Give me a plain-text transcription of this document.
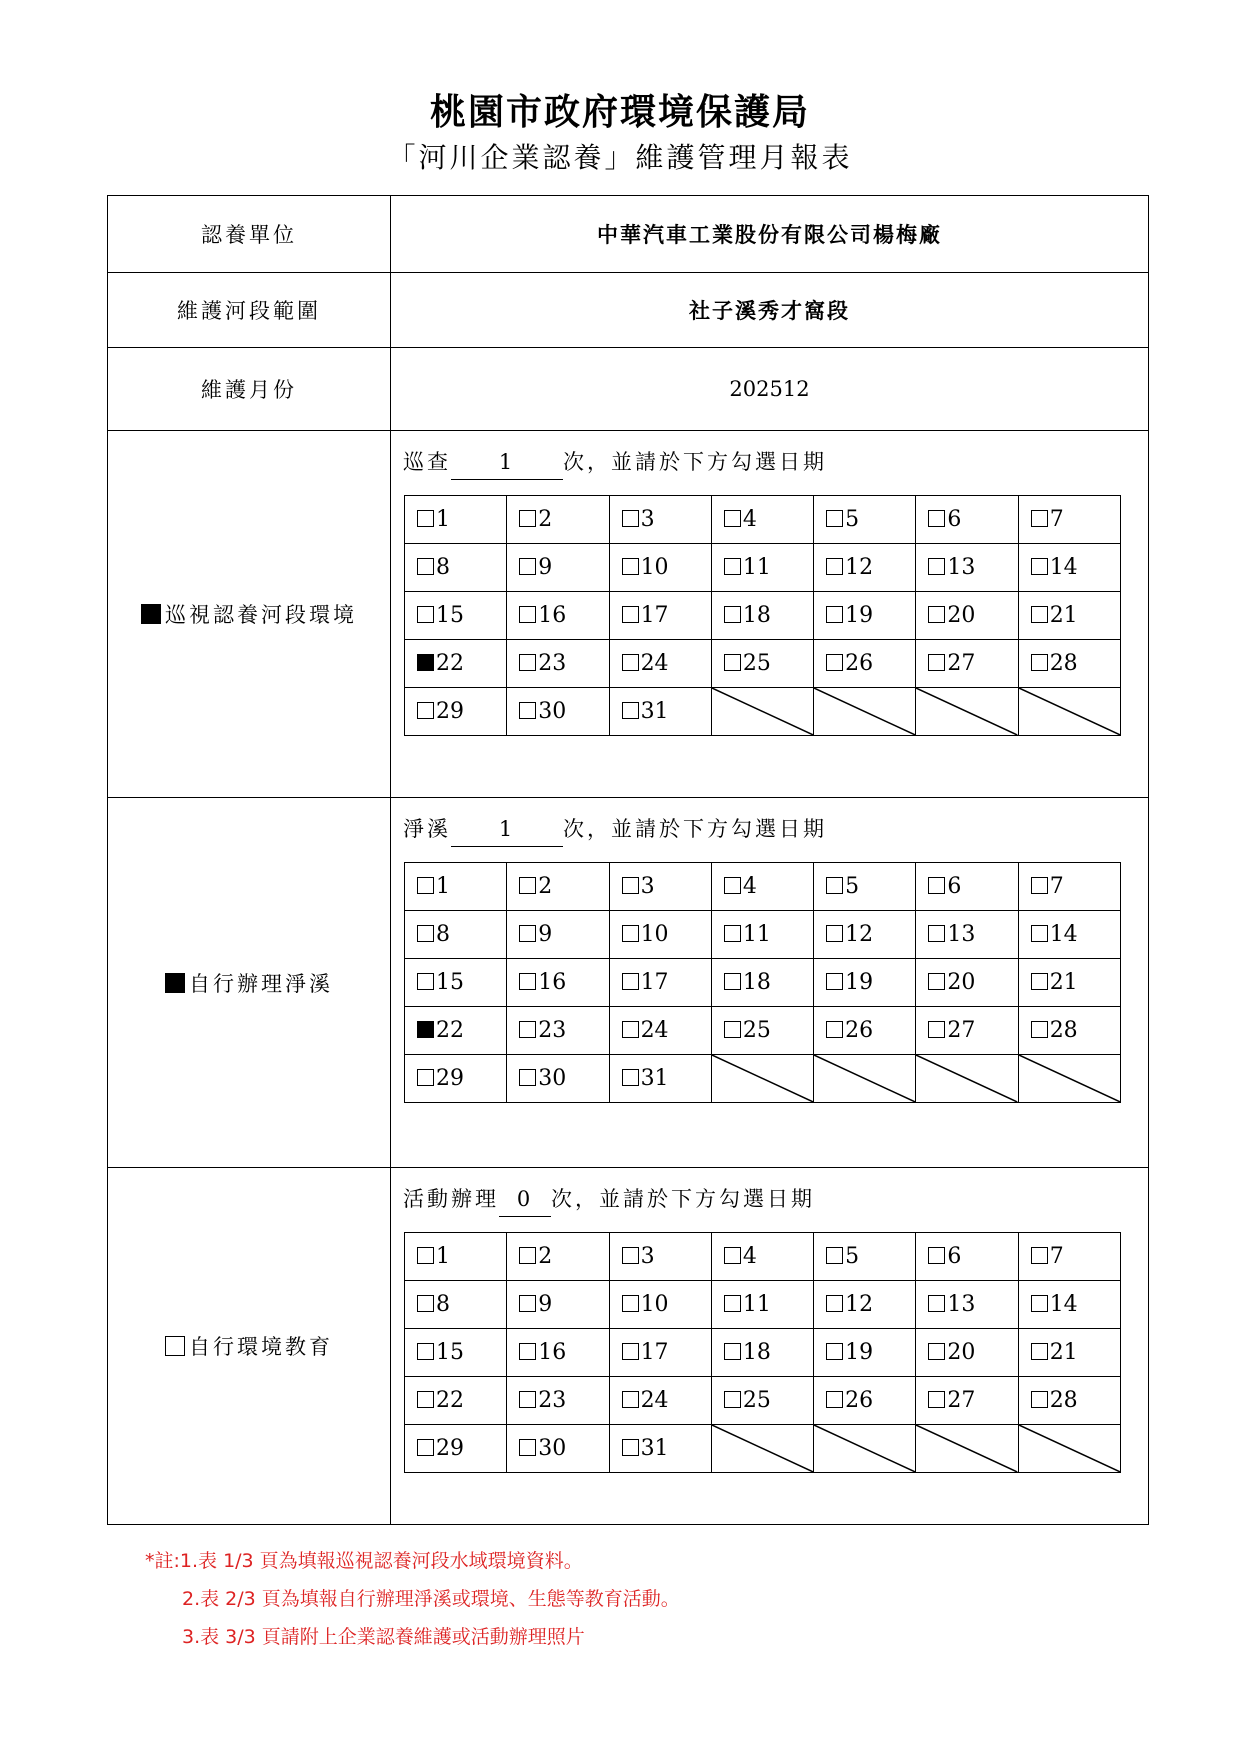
桃園市政府環境保護局
「河川企業認養」維護管理月報表
認養單位	中華汽車工業股份有限公司楊梅廠
維護河段範圍	社子溪秀才窩段
維護月份	202512
巡視認養河段環境	
巡查 1 次，並請於下方勾選日期
1	2	3	4	5	6	7
8	9	10	11	12	13	14
15	16	17	18	19	20	21
22	23	24	25	26	27	28
29	30	31	

自行辦理淨溪	
淨溪 1 次，並請於下方勾選日期
1	2	3	4	5	6	7
8	9	10	11	12	13	14
15	16	17	18	19	20	21
22	23	24	25	26	27	28
29	30	31	

自行環境教育	
活動辦理 0 次，並請於下方勾選日期
1	2	3	4	5	6	7
8	9	10	11	12	13	14
15	16	17	18	19	20	21
22	23	24	25	26	27	28
29	30	31	

*註:1.表 1/3 頁為填報巡視認養河段水域環境資料。
2.表 2/3 頁為填報自行辦理淨溪或環境、生態等教育活動。
3.表 3/3 頁請附上企業認養維護或活動辦理照片
